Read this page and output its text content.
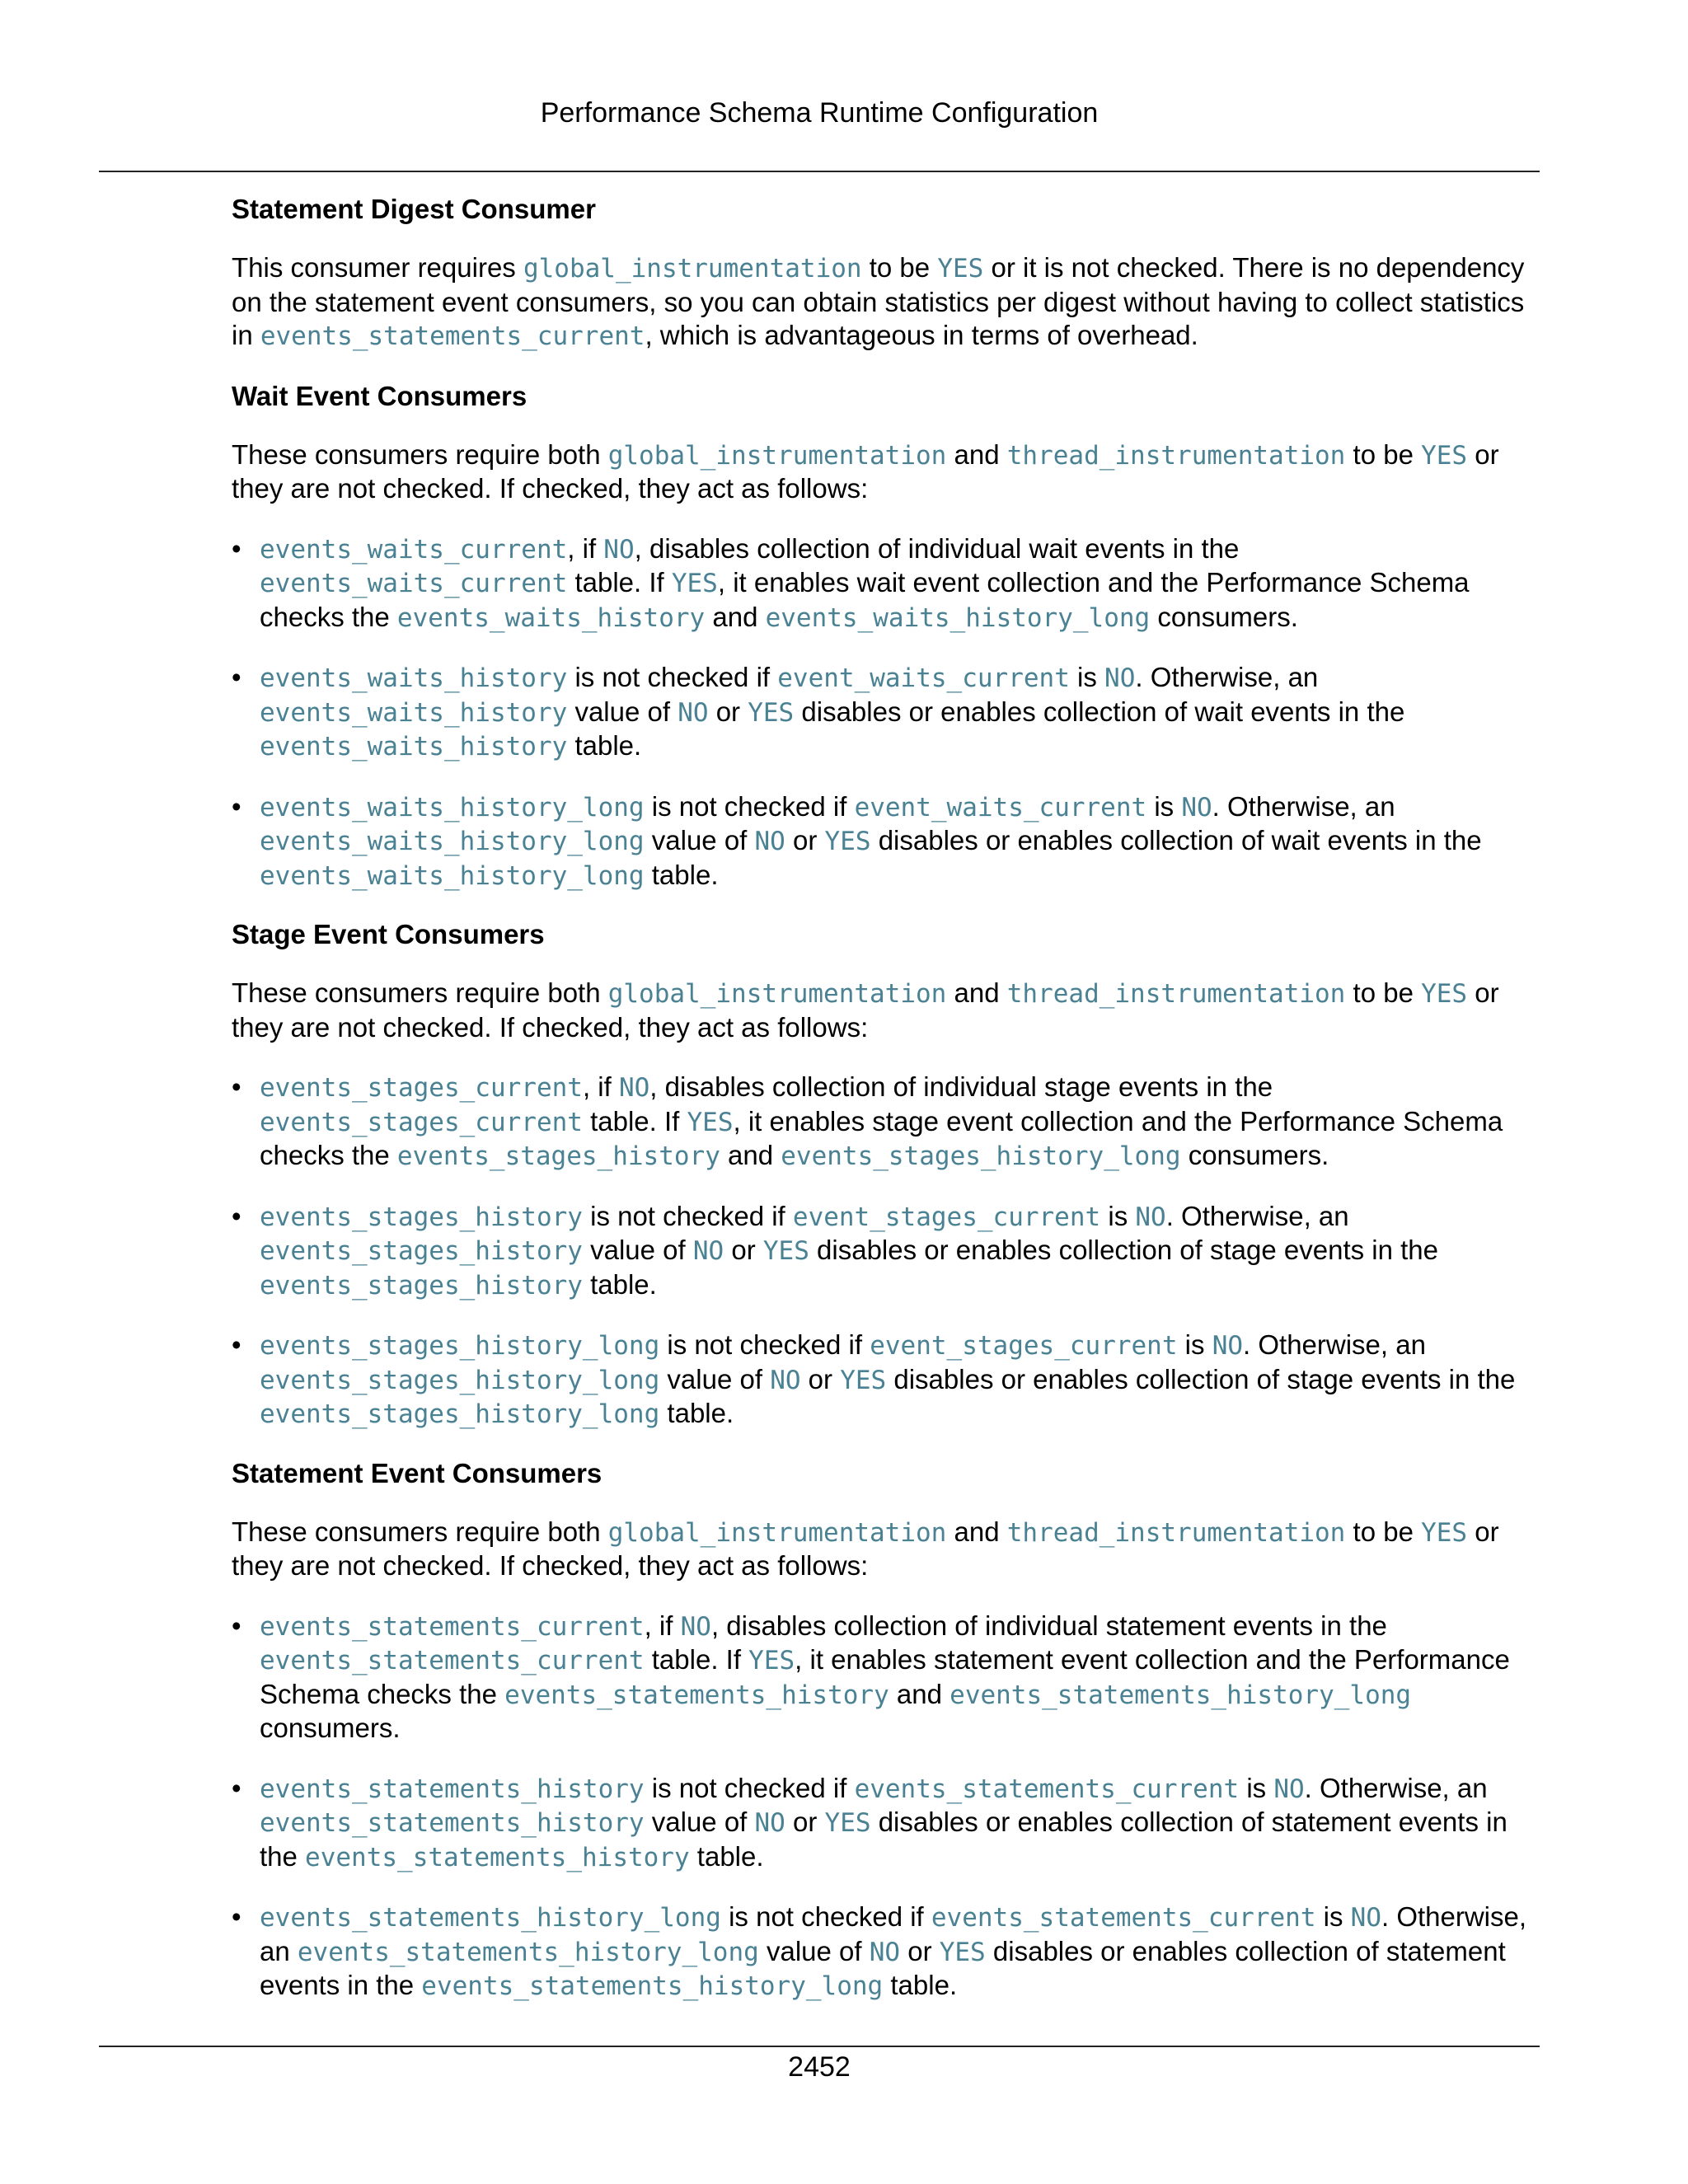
Performance Schema Runtime Configuration
Statement Digest Consumer

This consumer requires global_instrumentation to be YES or it is not checked. There is no dependency on the statement event consumers, so you can obtain statistics per digest without having to collect statistics in events_statements_current, which is advantageous in terms of overhead.

Wait Event Consumers

These consumers require both global_instrumentation and thread_instrumentation to be YES or they are not checked. If checked, they act as follows:

• events_waits_current, if NO, disables collection of individual wait events in the events_waits_current table. If YES, it enables wait event collection and the Performance Schema checks the events_waits_history and events_waits_history_long consumers.
• events_waits_history is not checked if event_waits_current is NO. Otherwise, an events_waits_history value of NO or YES disables or enables collection of wait events in the events_waits_history table.
• events_waits_history_long is not checked if event_waits_current is NO. Otherwise, an events_waits_history_long value of NO or YES disables or enables collection of wait events in the events_waits_history_long table.
Stage Event Consumers

These consumers require both global_instrumentation and thread_instrumentation to be YES or they are not checked. If checked, they act as follows:

• events_stages_current, if NO, disables collection of individual stage events in the events_stages_current table. If YES, it enables stage event collection and the Performance Schema checks the events_stages_history and events_stages_history_long consumers.
• events_stages_history is not checked if event_stages_current is NO. Otherwise, an events_stages_history value of NO or YES disables or enables collection of stage events in the events_stages_history table.
• events_stages_history_long is not checked if event_stages_current is NO. Otherwise, an events_stages_history_long value of NO or YES disables or enables collection of stage events in the events_stages_history_long table.
Statement Event Consumers

These consumers require both global_instrumentation and thread_instrumentation to be YES or they are not checked. If checked, they act as follows:

• events_statements_current, if NO, disables collection of individual statement events in the events_statements_current table. If YES, it enables statement event collection and the Performance Schema checks the events_statements_history and events_statements_history_long consumers.
• events_statements_history is not checked if events_statements_current is NO. Otherwise, an events_statements_history value of NO or YES disables or enables collection of statement events in the events_statements_history table.
• events_statements_history_long is not checked if events_statements_current is NO. Otherwise, an events_statements_history_long value of NO or YES disables or enables collection of statement events in the events_statements_history_long table.
2452
